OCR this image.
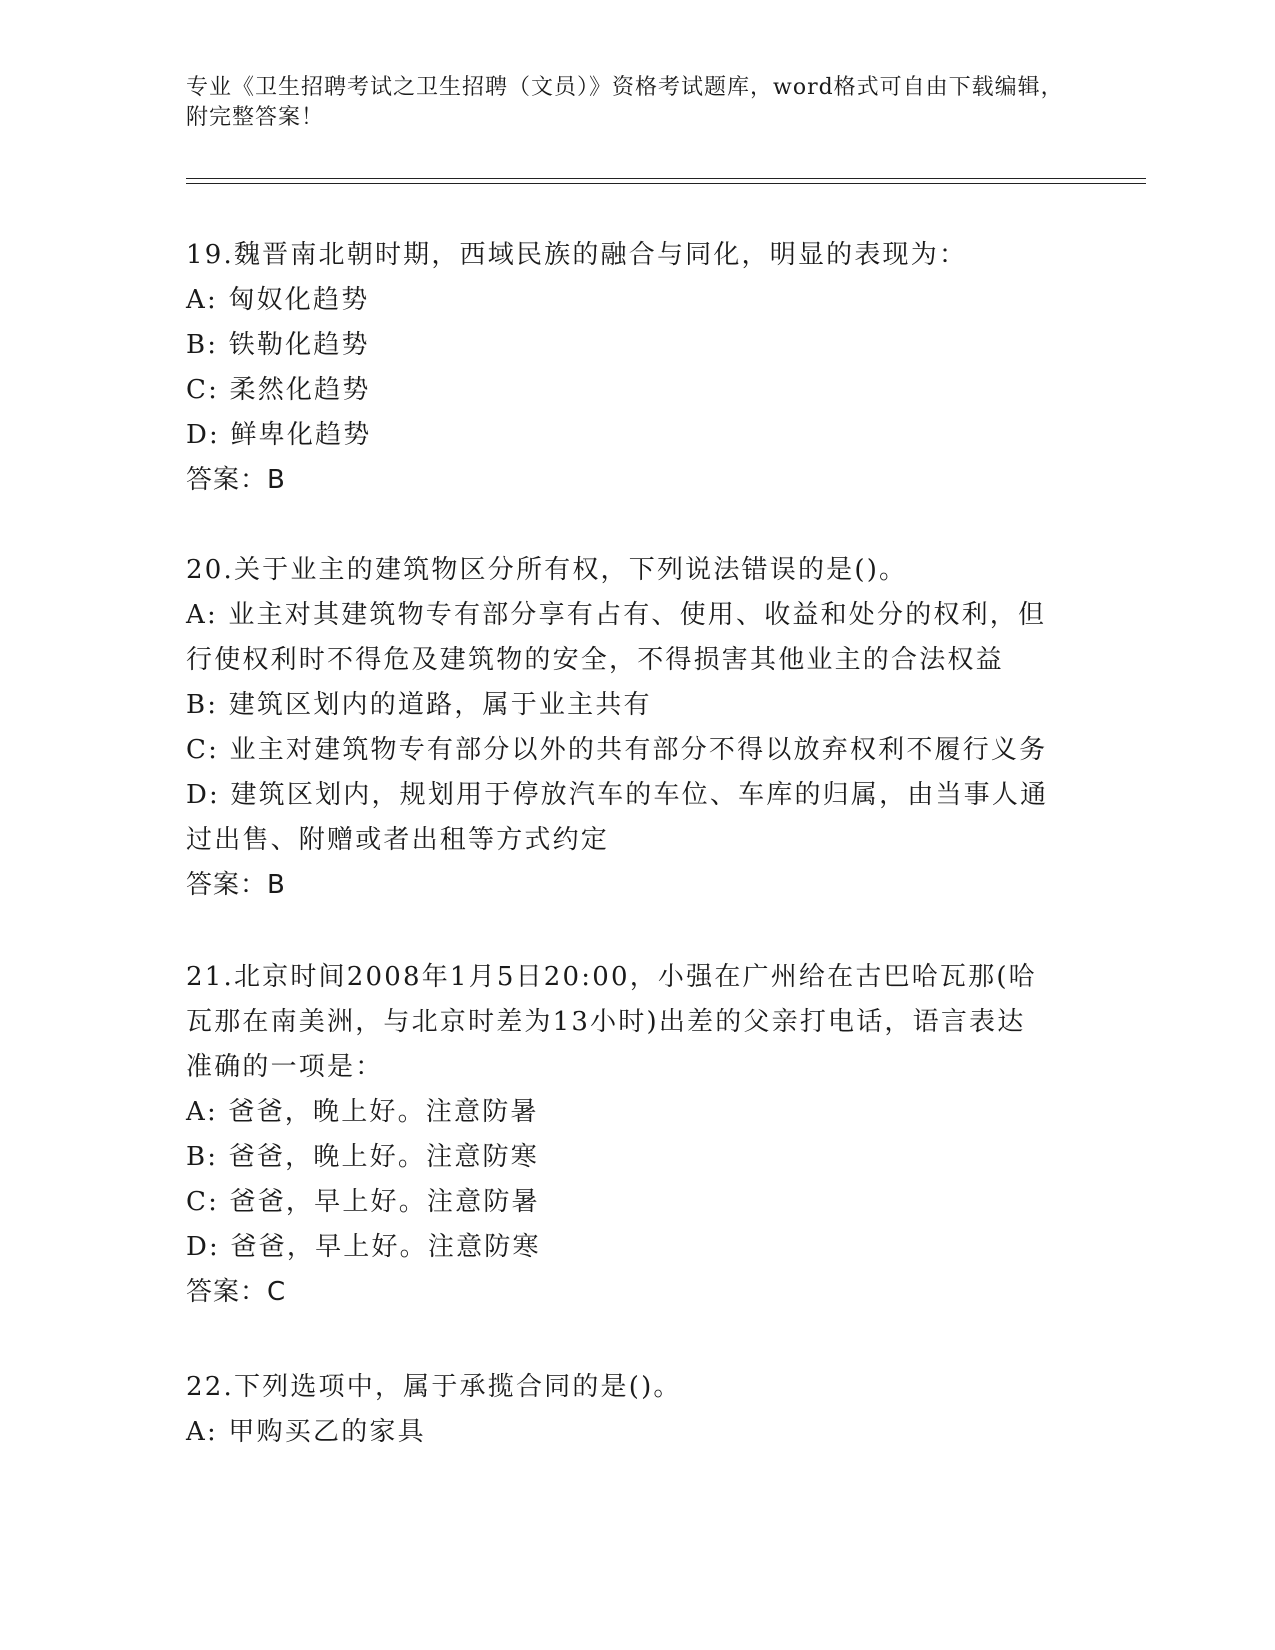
专业《卫生招聘考试之卫生招聘（文员）》资格考试题库，word格式可自由下载编辑，附完整答案！
19.魏晋南北朝时期，西域民族的融合与同化，明显的表现为：
A: 匈奴化趋势
B: 铁勒化趋势
C: 柔然化趋势
D: 鲜卑化趋势
答案：B
20.关于业主的建筑物区分所有权，下列说法错误的是()。
A: 业主对其建筑物专有部分享有占有、使用、收益和处分的权利，但
行使权利时不得危及建筑物的安全，不得损害其他业主的合法权益
B: 建筑区划内的道路，属于业主共有
C: 业主对建筑物专有部分以外的共有部分不得以放弃权利不履行义务
D: 建筑区划内，规划用于停放汽车的车位、车库的归属，由当事人通
过出售、附赠或者出租等方式约定
答案：B
21.北京时间2008年1月5日20:00，小强在广州给在古巴哈瓦那(哈
瓦那在南美洲，与北京时差为13小时)出差的父亲打电话，语言表达
准确的一项是：
A: 爸爸，晚上好。注意防暑
B: 爸爸，晚上好。注意防寒
C: 爸爸，早上好。注意防暑
D: 爸爸，早上好。注意防寒
答案：C
22.下列选项中，属于承揽合同的是()。
A: 甲购买乙的家具
